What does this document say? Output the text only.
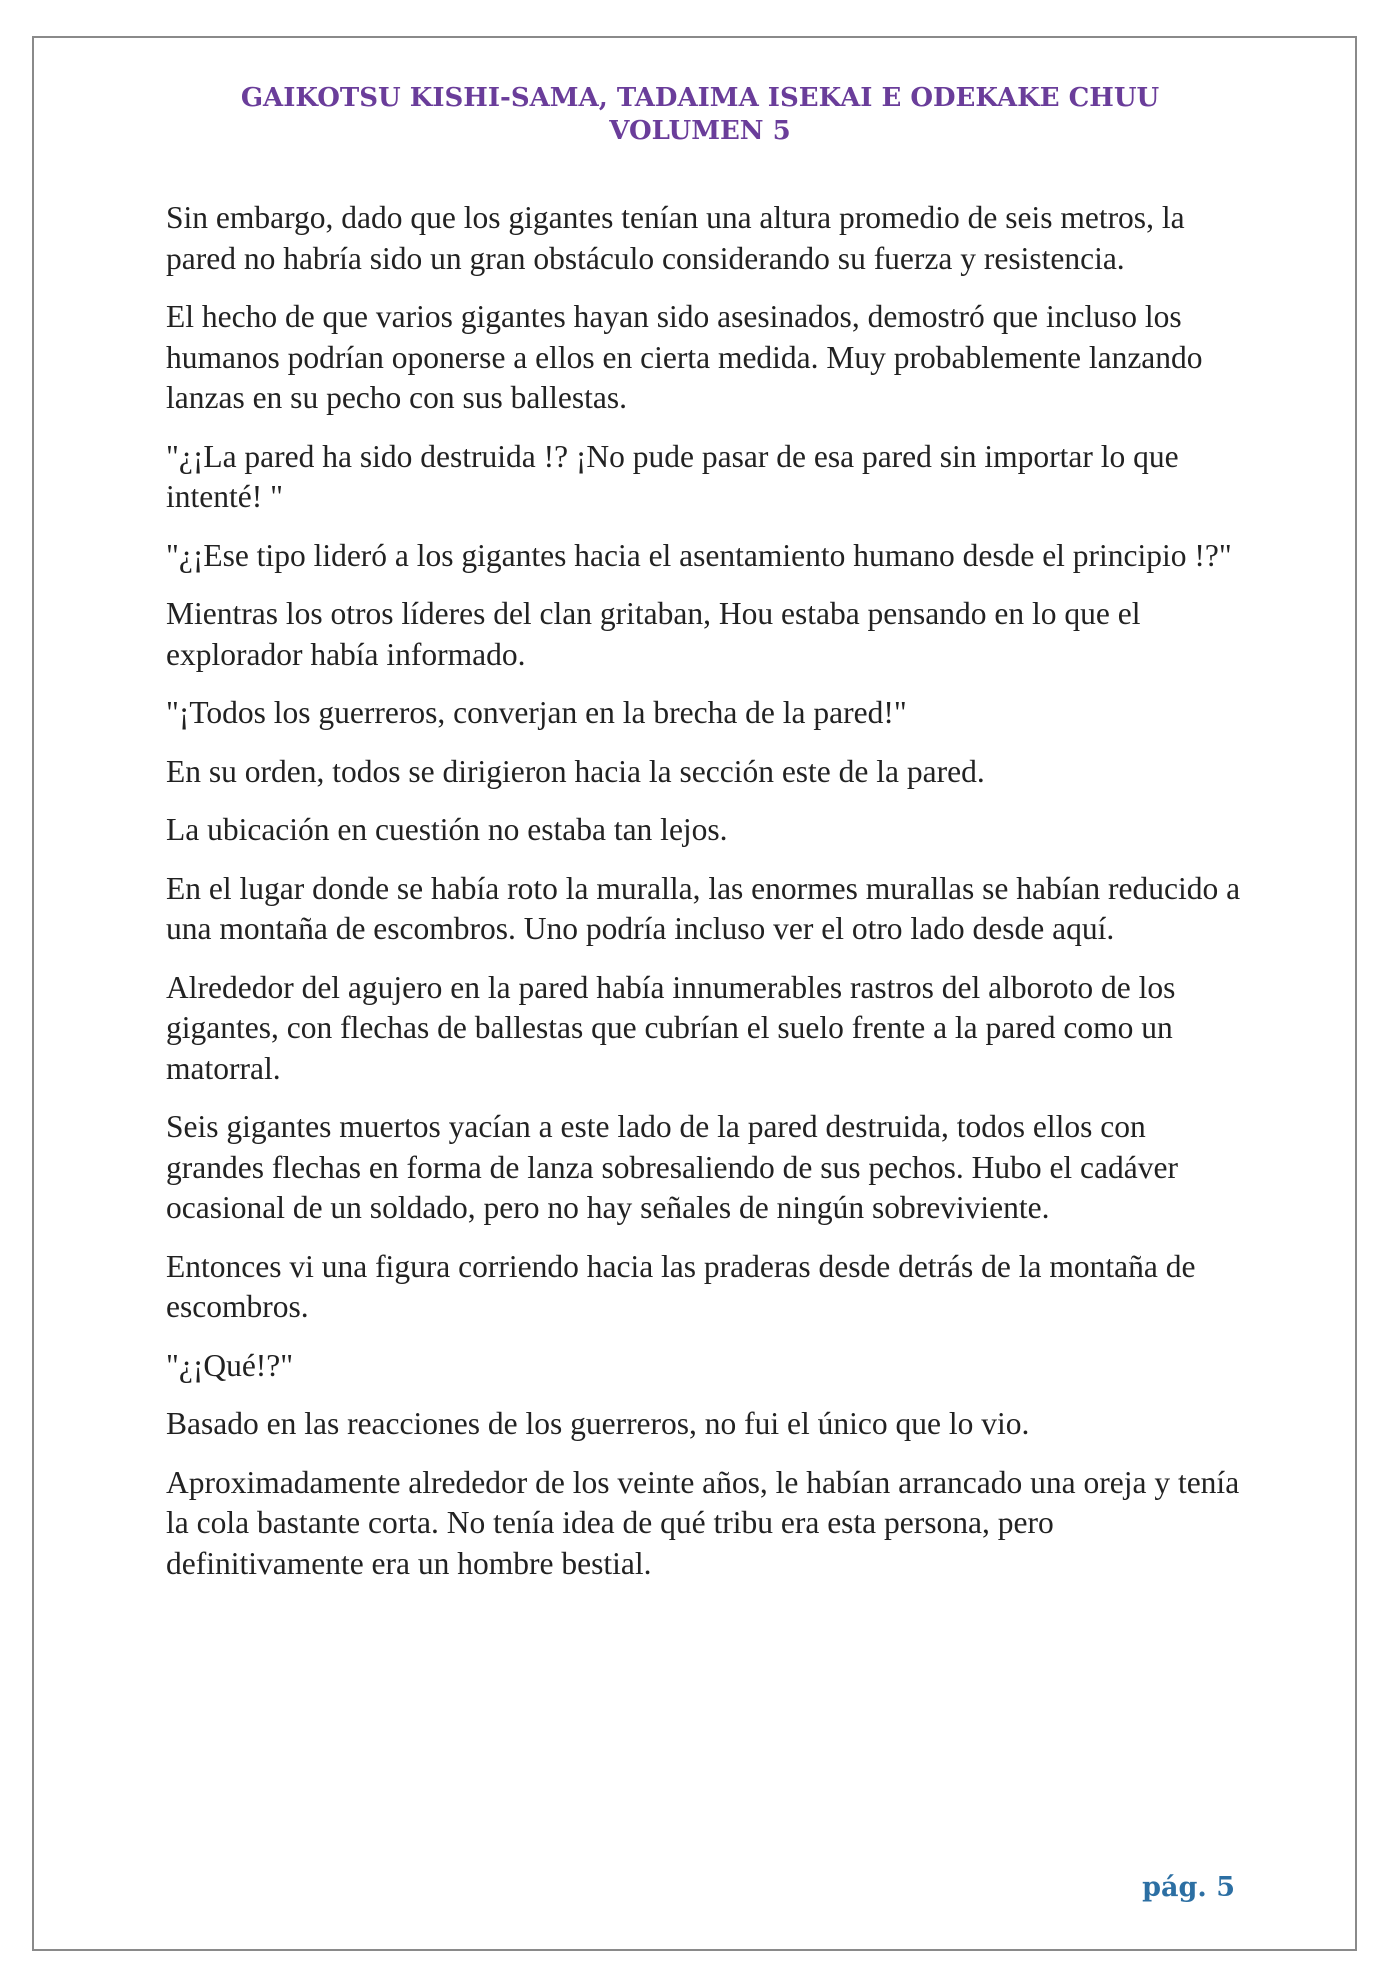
GAIKOTSU KISHI-SAMA, TADAIMA ISEKAI E ODEKAKE CHUU
VOLUMEN 5

Sin embargo, dado que los gigantes tenían una altura promedio de seis metros, la pared no habría sido un gran obstáculo considerando su fuerza y resistencia.

El hecho de que varios gigantes hayan sido asesinados, demostró que incluso los humanos podrían oponerse a ellos en cierta medida. Muy probablemente lanzando lanzas en su pecho con sus ballestas.

"¿¡La pared ha sido destruida !? ¡No pude pasar de esa pared sin importar lo que intenté! "

"¿¡Ese tipo lideró a los gigantes hacia el asentamiento humano desde el principio !?"

Mientras los otros líderes del clan gritaban, Hou estaba pensando en lo que el explorador había informado.

"¡Todos los guerreros, converjan en la brecha de la pared!"

En su orden, todos se dirigieron hacia la sección este de la pared.

La ubicación en cuestión no estaba tan lejos.

En el lugar donde se había roto la muralla, las enormes murallas se habían reducido a una montaña de escombros. Uno podría incluso ver el otro lado desde aquí.

Alrededor del agujero en la pared había innumerables rastros del alboroto de los gigantes, con flechas de ballestas que cubrían el suelo frente a la pared como un matorral.

Seis gigantes muertos yacían a este lado de la pared destruida, todos ellos con grandes flechas en forma de lanza sobresaliendo de sus pechos. Hubo el cadáver ocasional de un soldado, pero no hay señales de ningún sobreviviente.

Entonces vi una figura corriendo hacia las praderas desde detrás de la montaña de escombros.

"¿¡Qué!?"

Basado en las reacciones de los guerreros, no fui el único que lo vio.

Aproximadamente alrededor de los veinte años, le habían arrancado una oreja y tenía la cola bastante corta. No tenía idea de qué tribu era esta persona, pero definitivamente era un hombre bestial.

pág. 5
